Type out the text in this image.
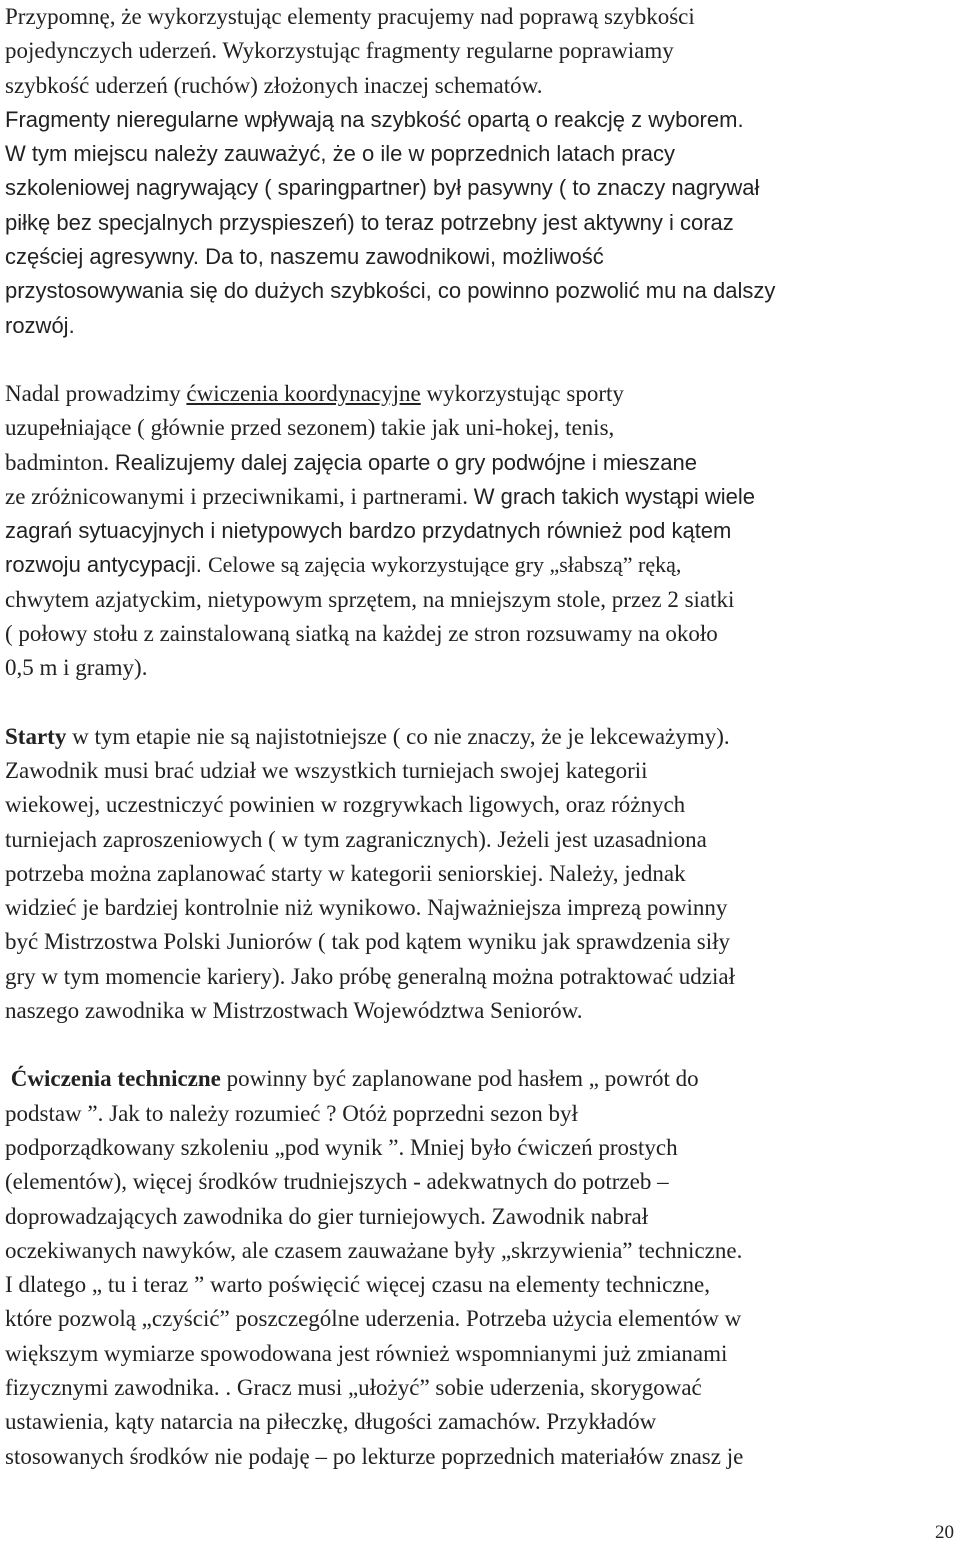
Przypomnę, że wykorzystując elementy pracujemy nad poprawą szybkości
pojedynczych uderzeń. Wykorzystując fragmenty regularne poprawiamy
szybkość uderzeń (ruchów) złożonych inaczej schematów.
Fragmenty nieregularne wpływają na szybkość opartą o reakcję z wyborem.
W tym miejscu należy zauważyć, że o ile w poprzednich latach pracy
szkoleniowej nagrywający ( sparingpartner) był pasywny ( to znaczy nagrywał
piłkę bez specjalnych przyspieszeń) to teraz potrzebny jest aktywny i coraz
częściej agresywny. Da to, naszemu zawodnikowi, możliwość
przystosowywania się do dużych szybkości, co powinno pozwolić mu na dalszy
rozwój.
Nadal prowadzimy ćwiczenia koordynacyjne wykorzystując sporty
uzupełniające ( głównie przed sezonem) takie jak uni-hokej, tenis,
badminton. Realizujemy dalej zajęcia oparte o gry podwójne i mieszane
ze zróżnicowanymi i przeciwnikami, i partnerami. W grach takich wystąpi wiele
zagrań sytuacyjnych i nietypowych bardzo przydatnych również pod kątem
rozwoju antycypacji. Celowe są zajęcia wykorzystujące gry „słabszą” ręką,
chwytem azjatyckim, nietypowym sprzętem, na mniejszym stole, przez 2 siatki
( połowy stołu z zainstalowaną siatką na każdej ze stron rozsuwamy na około
0,5 m i gramy).
Starty w tym etapie nie są najistotniejsze ( co nie znaczy, że je lekceważymy).
Zawodnik musi brać udział we wszystkich turniejach swojej kategorii
wiekowej, uczestniczyć powinien w rozgrywkach ligowych, oraz różnych
turniejach zaproszeniowych ( w tym zagranicznych). Jeżeli jest uzasadniona
potrzeba można zaplanować starty w kategorii seniorskiej. Należy, jednak
widzieć je bardziej kontrolnie niż wynikowo. Najważniejsza imprezą powinny
być Mistrzostwa Polski Juniorów ( tak pod kątem wyniku jak sprawdzenia siły
gry w tym momencie kariery). Jako próbę generalną można potraktować udział
naszego zawodnika w Mistrzostwach Województwa Seniorów.
Ćwiczenia techniczne powinny być zaplanowane pod hasłem „ powrót do
podstaw ”. Jak to należy rozumieć ? Otóż poprzedni sezon był
podporządkowany szkoleniu „pod wynik ”. Mniej było ćwiczeń prostych
(elementów), więcej środków trudniejszych - adekwatnych do potrzeb –
doprowadzających zawodnika do gier turniejowych. Zawodnik nabrał
oczekiwanych nawyków, ale czasem zauważane były „skrzywienia” techniczne.
I dlatego „ tu i teraz ” warto poświęcić więcej czasu na elementy techniczne,
które pozwolą „czyścić” poszczególne uderzenia. Potrzeba użycia elementów w
większym wymiarze spowodowana jest również wspomnianymi już zmianami
fizycznymi zawodnika. . Gracz musi „ułożyć” sobie uderzenia, skorygować
ustawienia, kąty natarcia na piłeczkę, długości zamachów. Przykładów
stosowanych środków nie podaję – po lekturze poprzednich materiałów znasz je
20
